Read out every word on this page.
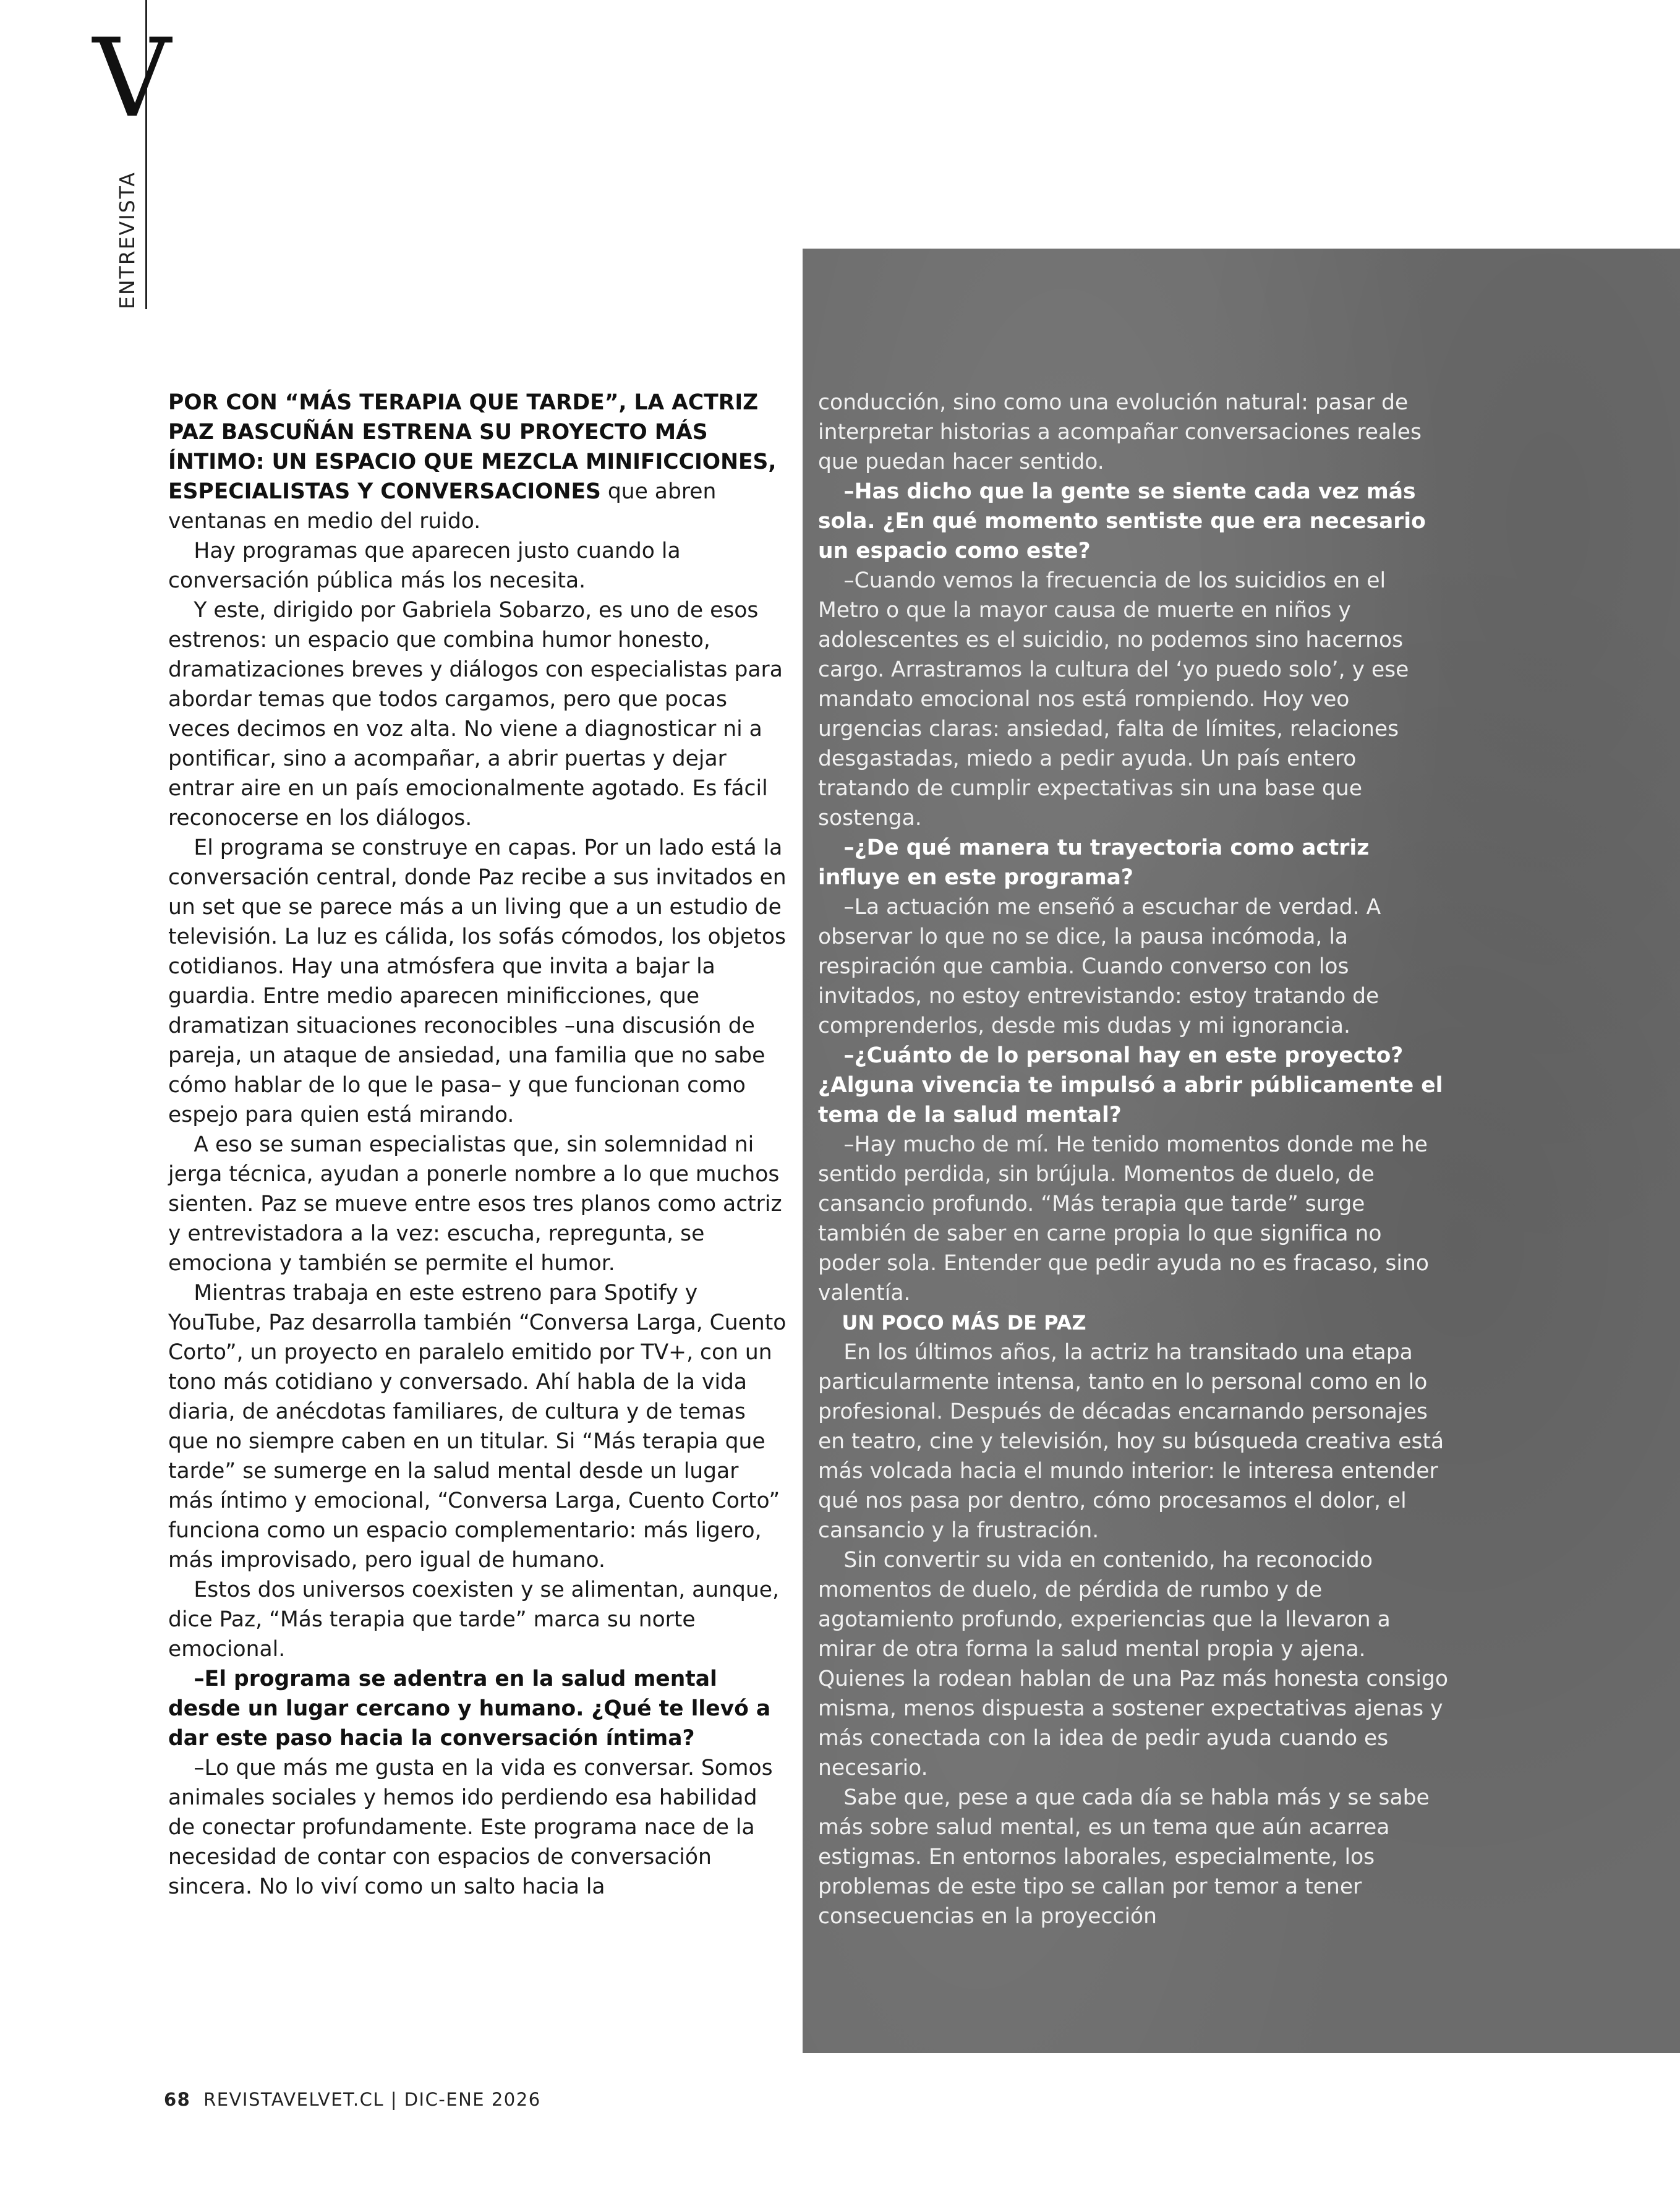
V
ENTREVISTA

POR CON “MÁS TERAPIA QUE TARDE”, LA ACTRIZ PAZ BASCUÑÁN ESTRENA SU PROYECTO MÁS ÍNTIMO: UN ESPACIO QUE MEZCLA MINIFICCIONES, ESPECIALISTAS Y CONVERSACIONES que abren ventanas en medio del ruido.

Hay programas que aparecen justo cuando la conversación pública más los necesita.

Y este, dirigido por Gabriela Sobarzo, es uno de esos estrenos: un espacio que combina humor honesto, dramatizaciones breves y diálogos con especialistas para abordar temas que todos cargamos, pero que pocas veces decimos en voz alta. No viene a diagnosticar ni a pontificar, sino a acompañar, a abrir puertas y dejar entrar aire en un país emocionalmente agotado. Es fácil reconocerse en los diálogos.

El programa se construye en capas. Por un lado está la conversación central, donde Paz recibe a sus invitados en un set que se parece más a un living que a un estudio de televisión. La luz es cálida, los sofás cómodos, los objetos cotidianos. Hay una atmósfera que invita a bajar la guardia. Entre medio aparecen minificciones, que dramatizan situaciones reconocibles –una discusión de pareja, un ataque de ansiedad, una familia que no sabe cómo hablar de lo que le pasa– y que funcionan como espejo para quien está mirando.

A eso se suman especialistas que, sin solemnidad ni jerga técnica, ayudan a ponerle nombre a lo que muchos sienten. Paz se mueve entre esos tres planos como actriz y entrevistadora a la vez: escucha, repregunta, se emociona y también se permite el humor.

Mientras trabaja en este estreno para Spotify y YouTube, Paz desarrolla también “Conversa Larga, Cuento Corto”, un proyecto en paralelo emitido por TV+, con un tono más cotidiano y conversado. Ahí habla de la vida diaria, de anécdotas familiares, de cultura y de temas que no siempre caben en un titular. Si “Más terapia que tarde” se sumerge en la salud mental desde un lugar más íntimo y emocional, “Conversa Larga, Cuento Corto” funciona como un espacio complementario: más ligero, más improvisado, pero igual de humano.

Estos dos universos coexisten y se alimentan, aunque, dice Paz, “Más terapia que tarde” marca su norte emocional.

–El programa se adentra en la salud mental desde un lugar cercano y humano. ¿Qué te llevó a dar este paso hacia la conversación íntima?

–Lo que más me gusta en la vida es conversar. Somos animales sociales y hemos ido perdiendo esa habilidad de conectar profundamente. Este programa nace de la necesidad de contar con espacios de conversación sincera. No lo viví como un salto hacia la

conducción, sino como una evolución natural: pasar de interpretar historias a acompañar conversaciones reales que puedan hacer sentido.

–Has dicho que la gente se siente cada vez más sola. ¿En qué momento sentiste que era necesario un espacio como este?

–Cuando vemos la frecuencia de los suicidios en el Metro o que la mayor causa de muerte en niños y adolescentes es el suicidio, no podemos sino hacernos cargo. Arrastramos la cultura del ‘yo puedo solo’, y ese mandato emocional nos está rompiendo. Hoy veo urgencias claras: ansiedad, falta de límites, relaciones desgastadas, miedo a pedir ayuda. Un país entero tratando de cumplir expectativas sin una base que sostenga.

–¿De qué manera tu trayectoria como actriz influye en este programa?

–La actuación me enseñó a escuchar de verdad. A observar lo que no se dice, la pausa incómoda, la respiración que cambia. Cuando converso con los invitados, no estoy entrevistando: estoy tratando de comprenderlos, desde mis dudas y mi ignorancia.

–¿Cuánto de lo personal hay en este proyecto? ¿Alguna vivencia te impulsó a abrir públicamente el tema de la salud mental?

–Hay mucho de mí. He tenido momentos donde me he sentido perdida, sin brújula. Momentos de duelo, de cansancio profundo. “Más terapia que tarde” surge también de saber en carne propia lo que significa no poder sola. Entender que pedir ayuda no es fracaso, sino valentía.

UN POCO MÁS DE PAZ

En los últimos años, la actriz ha transitado una etapa particularmente intensa, tanto en lo personal como en lo profesional. Después de décadas encarnando personajes en teatro, cine y televisión, hoy su búsqueda creativa está más volcada hacia el mundo interior: le interesa entender qué nos pasa por dentro, cómo procesamos el dolor, el cansancio y la frustración.

Sin convertir su vida en contenido, ha reconocido momentos de duelo, de pérdida de rumbo y de agotamiento profundo, experiencias que la llevaron a mirar de otra forma la salud mental propia y ajena. Quienes la rodean hablan de una Paz más honesta consigo misma, menos dispuesta a sostener expectativas ajenas y más conectada con la idea de pedir ayuda cuando es necesario.

Sabe que, pese a que cada día se habla más y se sabe más sobre salud mental, es un tema que aún acarrea estigmas. En entornos laborales, especialmente, los problemas de este tipo se callan por temor a tener consecuencias en la proyección

68 REVISTAVELVET.CL | DIC-ENE 2026
